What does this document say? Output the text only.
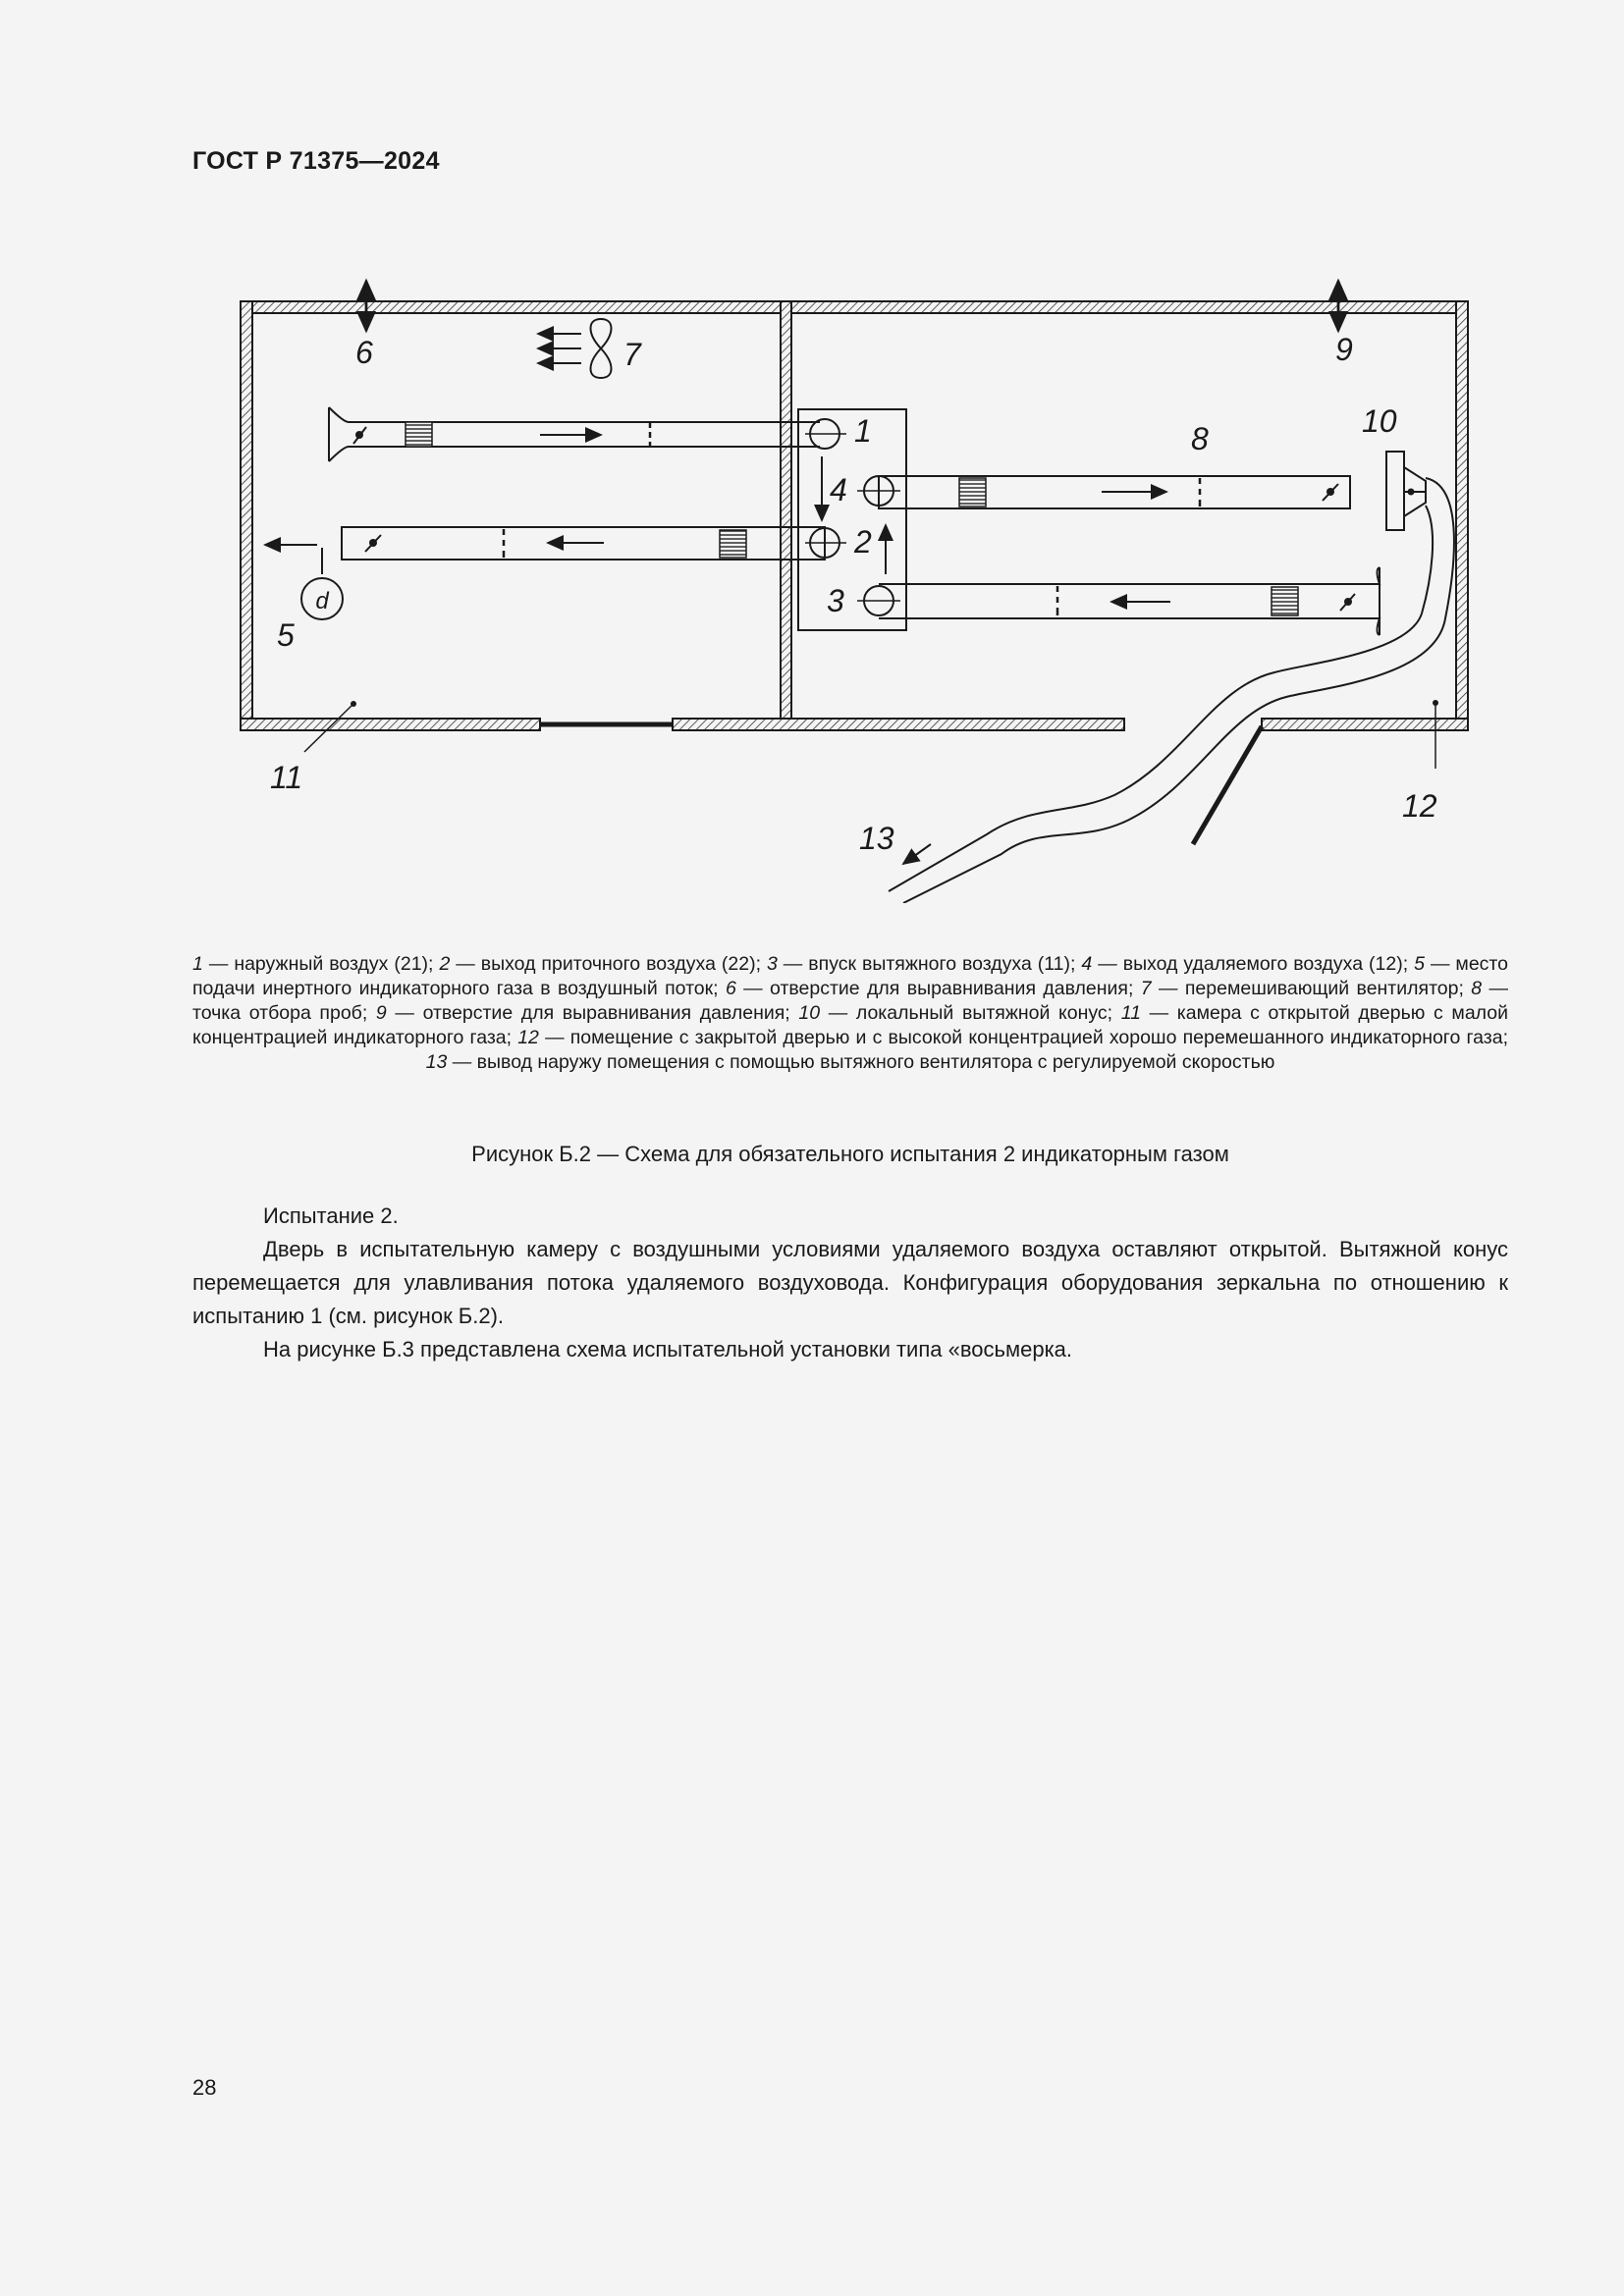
ГОСТ Р 71375—2024
d
1
2
3
4
5
6	7
8
9
10
11
12
13
1 — наружный воздух (21); 2 — выход приточного воздуха (22); 3 — впуск вытяжного воздуха (11); 4 — выход удаляемого воздуха (12); 5 — место подачи инертного индикаторного газа в воздушный поток; 6 — отверстие для выравнивания давления; 7 — перемешивающий вентилятор; 8 — точка отбора проб; 9 — отверстие для выравнивания давления; 10 — локальный вытяжной конус; 11 — камера с открытой дверью с малой концентрацией индикаторного газа; 12 — помещение с закрытой дверью и с высокой концентрацией хорошо перемешанного индикаторного газа; 13 — вывод наружу помещения с помощью вытяжного вентилятора с регулируемой скоростью
Рисунок Б.2 — Схема для обязательного испытания 2 индикаторным газом

Испытание 2.

Дверь в испытательную камеру с воздушными условиями удаляемого воздуха оставляют открытой. Вытяжной конус перемещается для улавливания потока удаляемого воздуховода. Конфигурация оборудования зеркальна по отношению к испытанию 1 (см. рисунок Б.2).

На рисунке Б.3 представлена схема испытательной установки типа «восьмерка.

28
